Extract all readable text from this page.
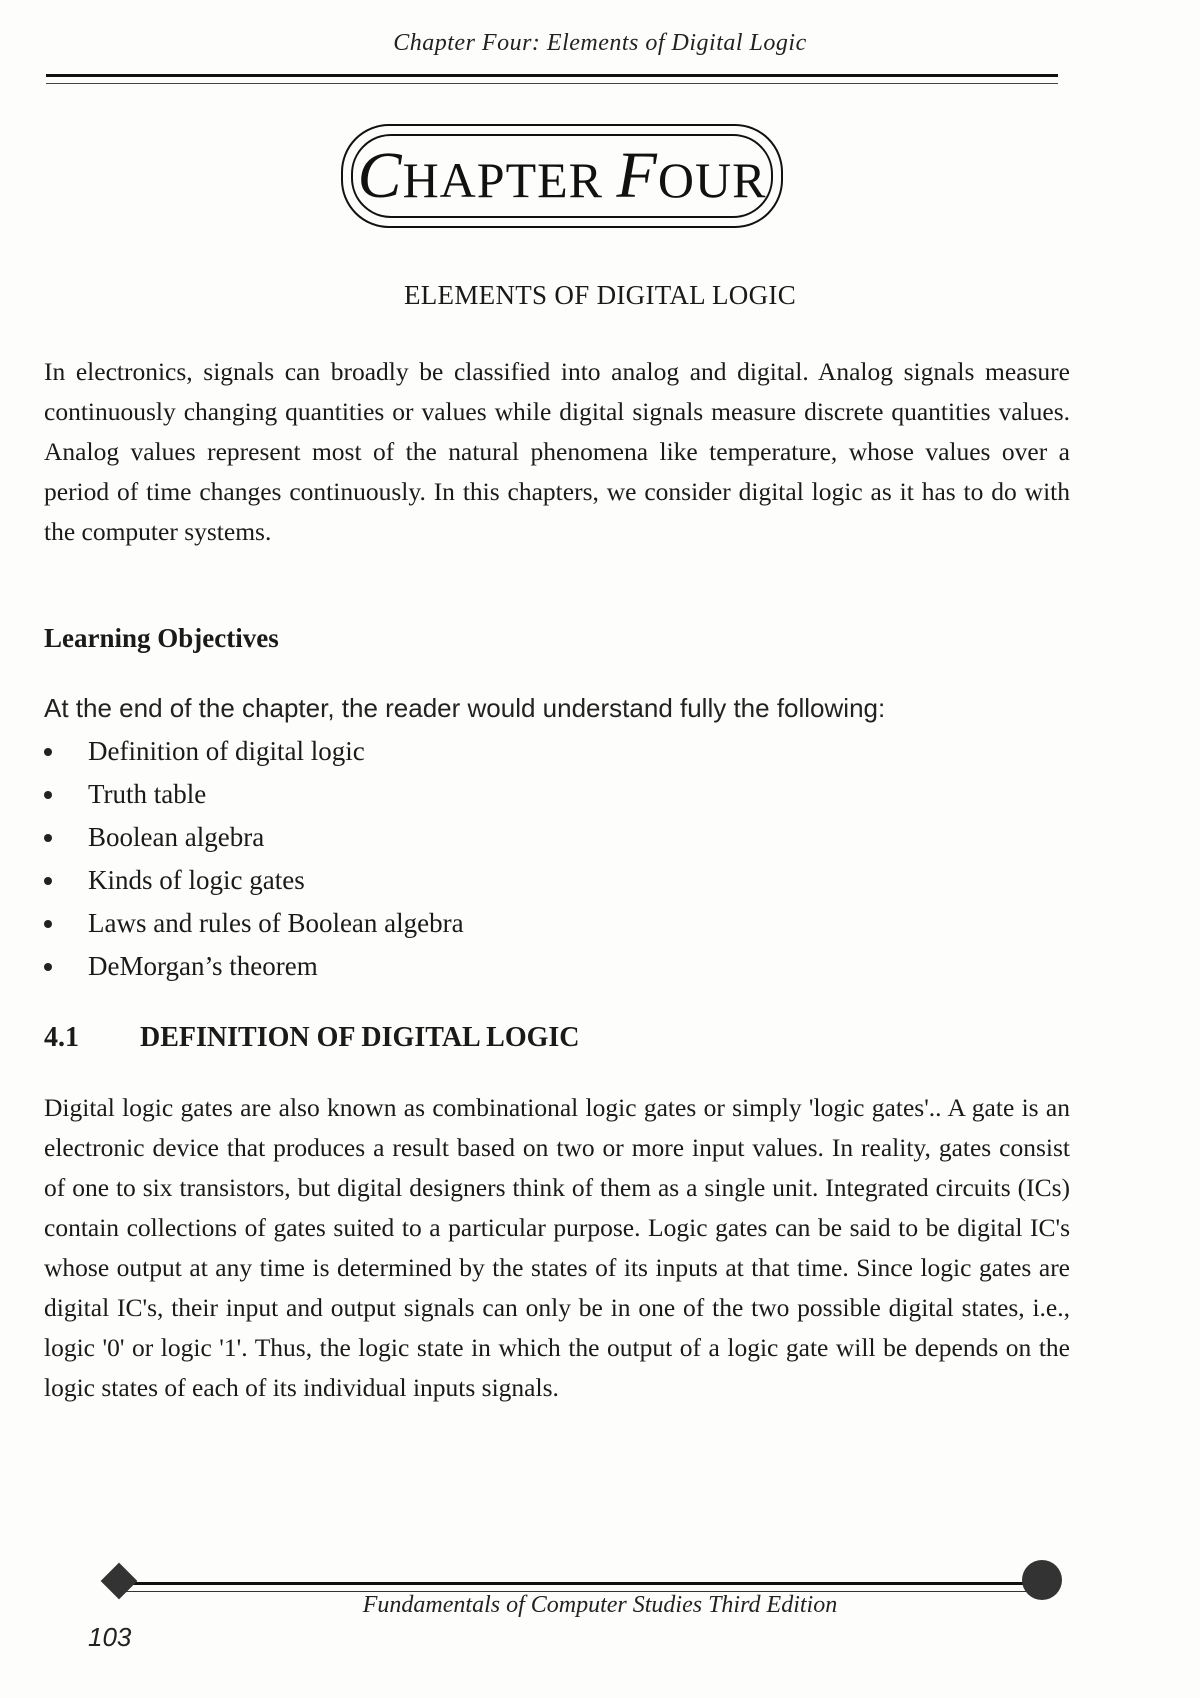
Chapter Four: Elements of Digital Logic
CHAPTER FOUR
ELEMENTS OF DIGITAL LOGIC

In electronics, signals can broadly be classified into analog and digital. Analog signals measure continuously changing quantities or values while digital signals measure discrete quantities values. Analog values represent most of the natural phenomena like temperature, whose values over a period of time changes continuously. In this chapters, we consider digital logic as it has to do with the computer systems.

Learning Objectives
At the end of the chapter, the reader would understand fully the following:
Definition of digital logic
Truth table
Boolean algebra
Kinds of logic gates
Laws and rules of Boolean algebra
DeMorgan’s theorem
4.1 DEFINITION OF DIGITAL LOGIC

Digital logic gates are also known as combinational logic gates or simply 'logic gates'.. A gate is an electronic device that produces a result based on two or more input values. In reality, gates consist of one to six transistors, but digital designers think of them as a single unit. Integrated circuits (ICs) contain collections of gates suited to a particular purpose. Logic gates can be said to be digital IC's whose output at any time is determined by the states of its inputs at that time. Since logic gates are digital IC's, their input and output signals can only be in one of the two possible digital states, i.e., logic '0' or logic '1'. Thus, the logic state in which the output of a logic gate will be depends on the logic states of each of its individual inputs signals.

Fundamentals of Computer Studies Third Edition
103
